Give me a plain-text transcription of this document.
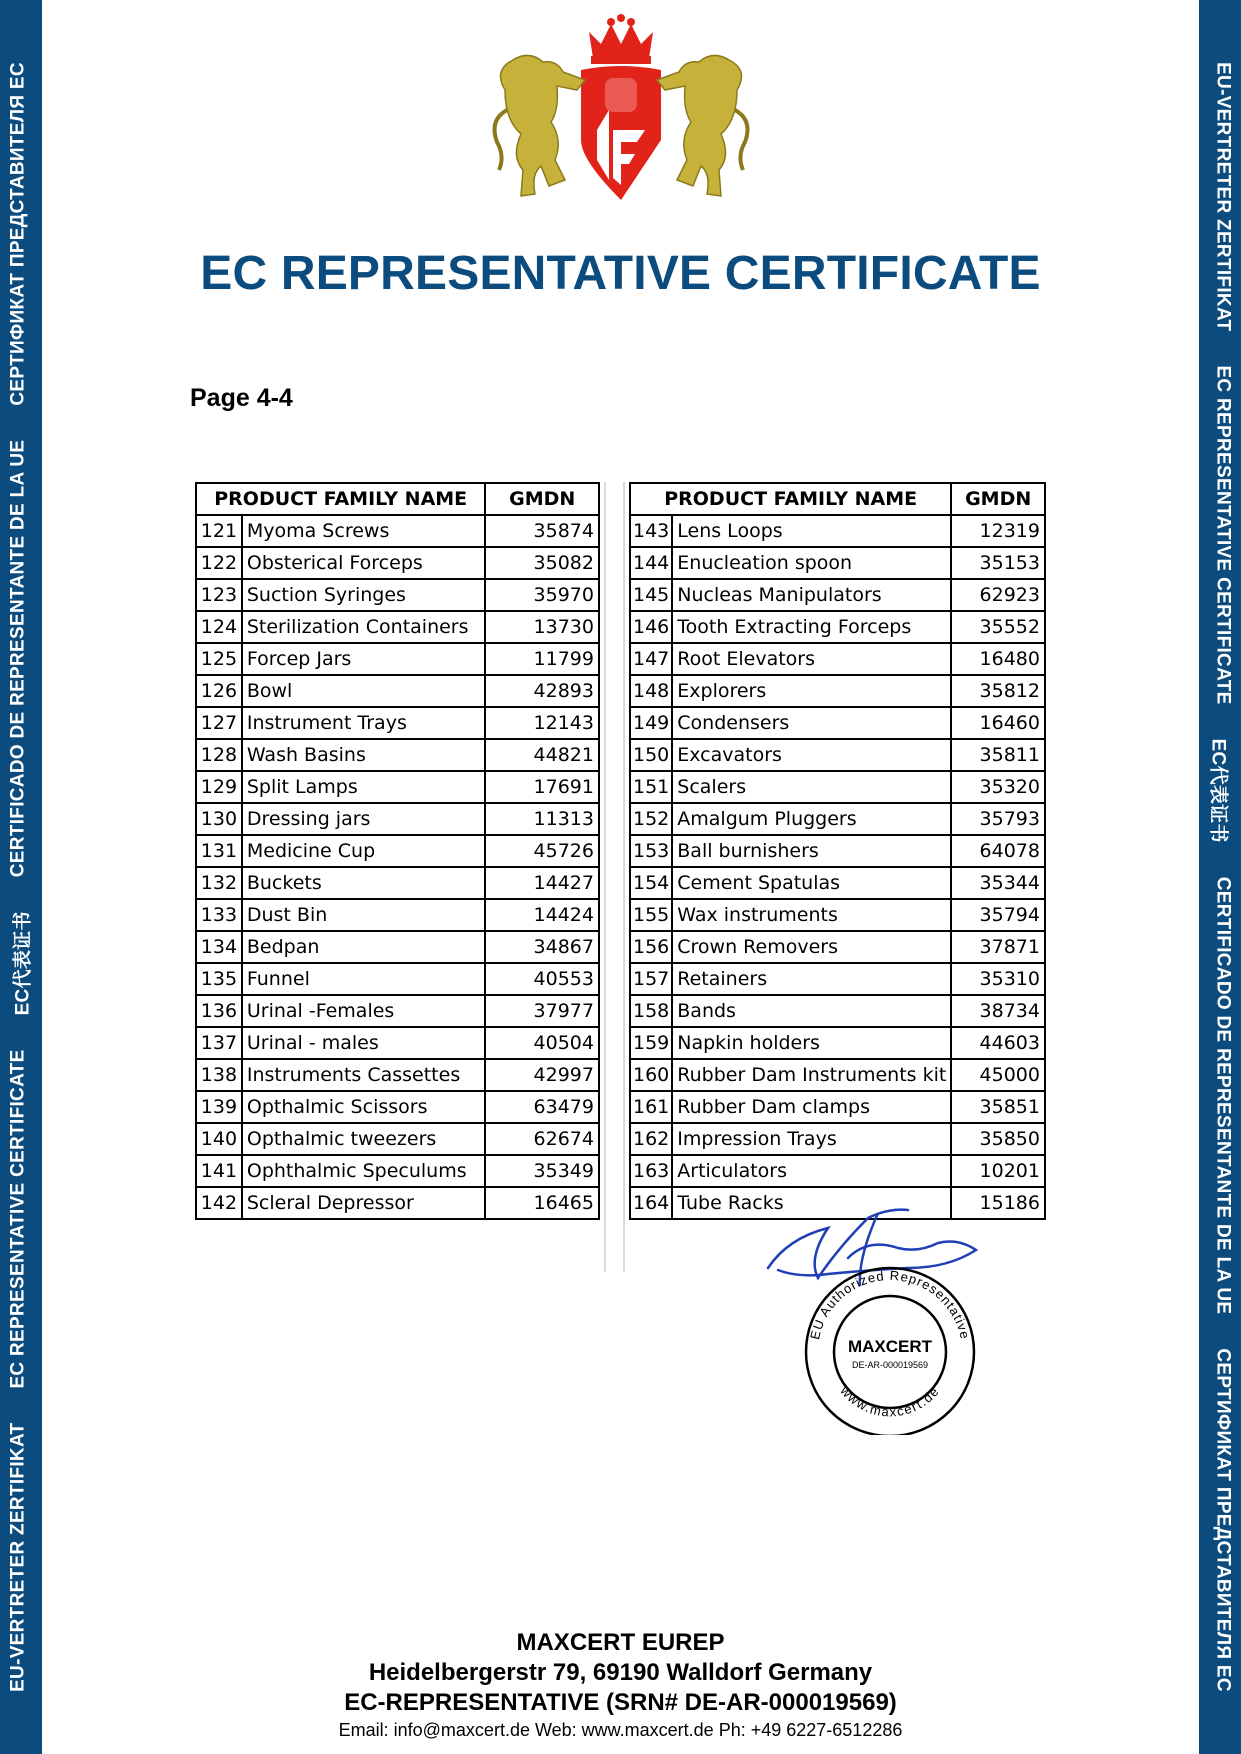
EU-VERTRETER ZERTIFIKAT
EC REPRESENTATIVE CERTIFICATE
EC代表证书
CERTIFICADO DE REPRESENTANTE DE LA UE
СЕРТИФИКАТ ПРЕДСТАВИТЕЛЯ ЕС	EU-VERTRETER ZERTIFIKAT
EC REPRESENTATIVE CERTIFICATE
EC代表证书
CERTIFICADO DE REPRESENTANTE DE LA UE
СЕРТИФИКАТ ПРЕДСТАВИТЕЛЯ ЕС
EC REPRESENTATIVE CERTIFICATE
Page 4-4
PRODUCT FAMILY NAME		GMDN
121	Myoma Screws	35874
122	Obsterical Forceps	35082
123	Suction Syringes	35970
124	Sterilization Containers	13730
125	Forcep Jars	11799
126	Bowl	42893
127	Instrument Trays	12143
128	Wash Basins	44821
129	Split Lamps	17691
130	Dressing jars	11313
131	Medicine Cup	45726
132	Buckets	14427
133	Dust Bin	14424
134	Bedpan	34867
135	Funnel	40553
136	Urinal -Females	37977
137	Urinal - males	40504
138	Instruments Cassettes	42997
139	Opthalmic Scissors	63479
140	Opthalmic tweezers	62674
141	Ophthalmic Speculums	35349
142	Scleral Depressor	16465
PRODUCT FAMILY NAME		GMDN
143	Lens Loops	12319
144	Enucleation spoon	35153
145	Nucleas Manipulators	62923
146	Tooth Extracting Forceps	35552
147	Root Elevators	16480
148	Explorers	35812
149	Condensers	16460
150	Excavators	35811
151	Scalers	35320
152	Amalgum Pluggers	35793
153	Ball burnishers	64078
154	Cement Spatulas	35344
155	Wax instruments	35794
156	Crown Removers	37871
157	Retainers	35310
158	Bands	38734
159	Napkin holders	44603
160	Rubber Dam Instruments kit	45000
161	Rubber Dam clamps	35851
162	Impression Trays	35850
163	Articulators	10201
164	Tube Racks	15186
EU Authorized Representative
MAXCERT
DE-AR-000019569
www.maxcert.de
MAXCERT EUREP
Heidelbergerstr 79, 69190 Walldorf Germany
EC-REPRESENTATIVE (SRN# DE-AR-000019569)
Email: info@maxcert.de Web: www.maxcert.de Ph: +49 6227-6512286
